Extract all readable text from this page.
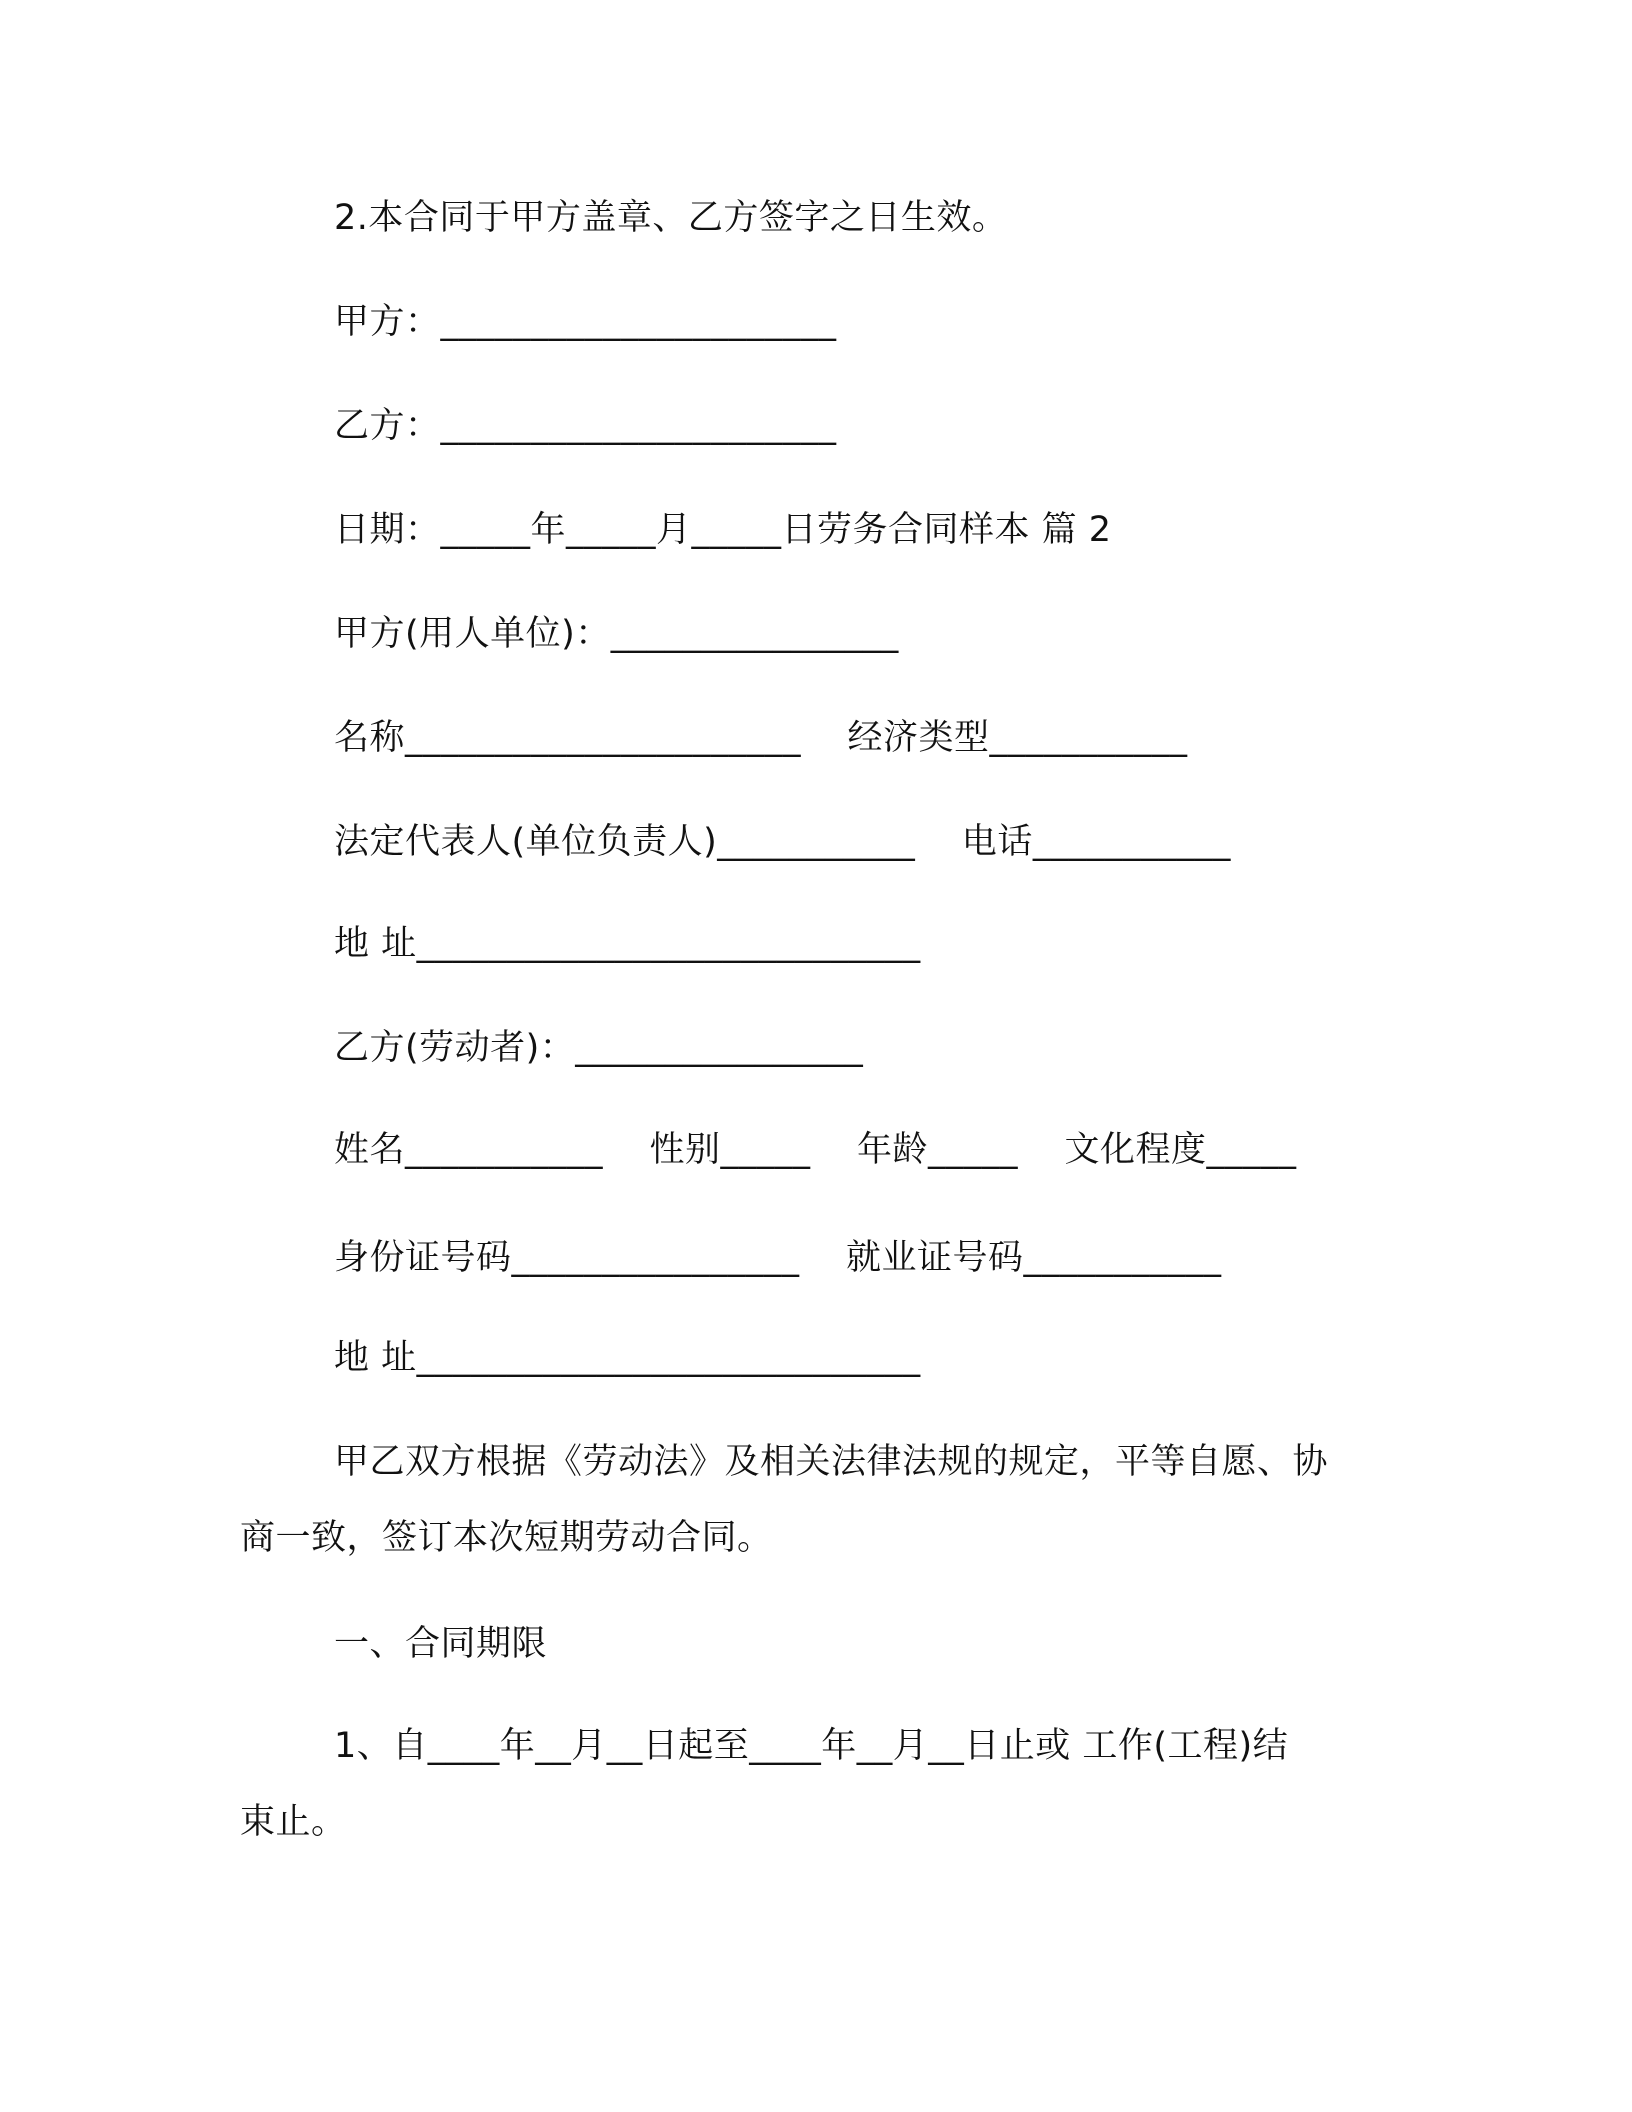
2.本合同于甲方盖章、乙方签字之日生效。
甲方：______________________
乙方：______________________
日期：_____年_____月_____日劳务合同样本 篇 2
甲方(用人单位)：________________
名称______________________    经济类型___________
法定代表人(单位负责人)___________    电话___________
地 址____________________________
乙方(劳动者)：________________
姓名___________    性别_____    年龄_____    文化程度_____
身份证号码________________    就业证号码___________
地 址____________________________
甲乙双方根据《劳动法》及相关法律法规的规定，平等自愿、协
商一致，签订本次短期劳动合同。
一、合同期限
1、自____年__月__日起至____年__月__日止或 工作(工程)结
束止。
